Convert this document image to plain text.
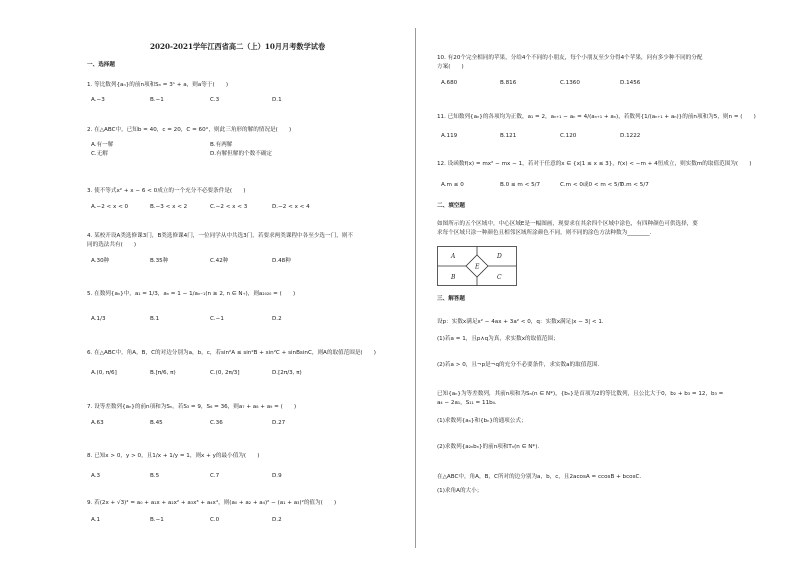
2020-2021学年江西省高二（上）10月月考数学试卷
一、选择题
1. 等比数列{aₙ}的前n项和Sₙ = 3ⁿ + a，则a等于(　　)
A.−3	B.−1	C.3	D.1
2. 在△ABC中，已知b = 40，c = 20，C = 60°，则此三角形的解的情况是(　　)
A.有一解	B.有两解
C.无解	D.有解但解的个数不确定
3. 使不等式x² + x − 6 < 0成立的一个充分不必要条件是(　　)
A.−2 < x < 0	B.−3 < x < 2	C.−2 < x < 3	D.−2 < x < 4
4. 某校开设A类选修课3门，B类选修课4门，一位同学从中共选3门，若要求两类课程中各至少选一门，则不
同的选法共有(　　)
A.30种	B.35种	C.42种	D.48种
5. 在数列{aₙ}中，a₁ = 1/3，aₙ = 1 − 1/aₙ₋₁(n ≥ 2, n ∈ N₊)，则a₂₀₂₀ = (　　)
A.1/3	B.1	C.−1	D.2
6. 在△ABC中，角A，B，C的对边分别为a，b，c，若sin²A ≤ sin²B + sin²C + sinBsinC，则A的取值范围是(　　)
A.(0, π/6]	B.[π/6, π)	C.(0, 2π/3]	D.[2π/3, π)
7. 设等差数列{aₙ}的前n项和为Sₙ，若S₃ = 9，S₆ = 36，则a₇ + a₈ + a₉ = (　　)
A.63	B.45	C.36	D.27
8. 已知x > 0，y > 0，且1/x + 1/y = 1，则x + y的最小值为(　　)
A.3	B.5	C.7	D.9
9. 若(2x + √3)⁴ = a₀ + a₁x + a₂x² + a₃x³ + a₄x⁴，则(a₀ + a₂ + a₄)² − (a₁ + a₃)²的值为(　　)
A.1	B.−1	C.0	D.2
10. 有20个完全相同的苹果，分给4个不同的小朋友，每个小朋友至少分得4个苹果，问有多少种不同的分配
方案(　　)
A.680	B.816	C.1360	D.1456
11. 已知数列{aₙ}的各项均为正数，a₁ = 2，aₙ₊₁ − aₙ = 4/(aₙ₊₁ + aₙ)，若数列{1/(aₙ₊₁ + aₙ)}的前n项和为5，则n = (　　)
A.119	B.121	C.120	D.1222
12. 设函数f(x) = mx² − mx − 1，若对于任意的x ∈ {x|1 ≤ x ≤ 3}，f(x) < −m + 4恒成立，则实数m的取值范围为(　　)
A.m ≤ 0	B.0 ≤ m < 5/7	C.m < 0或0 < m < 5/7
D.m < 5/7
二、填空题
如图所示的五个区域中，中心区域E是一幅图画，现要求在其余四个区域中涂色，有四种颜色可供选择，要
求每个区域只涂一种颜色且相邻区域所涂颜色不同，则不同的涂色方法种数为________.
A	D
E
B	C
三、解答题
设p：实数x满足x² − 4ax + 3a² < 0，q：实数x满足|x − 3| < 1.
(1)若a = 1，且p∧q为真，求实数x的取值范围；
(2)若a > 0，且¬p是¬q的充分不必要条件，求实数a的取值范围.
已知{aₙ}为等差数列，其前n项和为Sₙ(n ∈ N*)，{bₙ}是首项为2的等比数列，且公比大于0，b₂ + b₃ = 12，b₃ =
a₄ − 2a₁，S₁₁ = 11b₄.
(1)求数列{aₙ}和{bₙ}的通项公式；
(2)求数列{a₂ₙbₙ}的前n项和Tₙ(n ∈ N*).
在△ABC中，角A，B，C所对的边分别为a，b，c，且2acosA = ccosB + bcosC.
(1)求角A的大小；
